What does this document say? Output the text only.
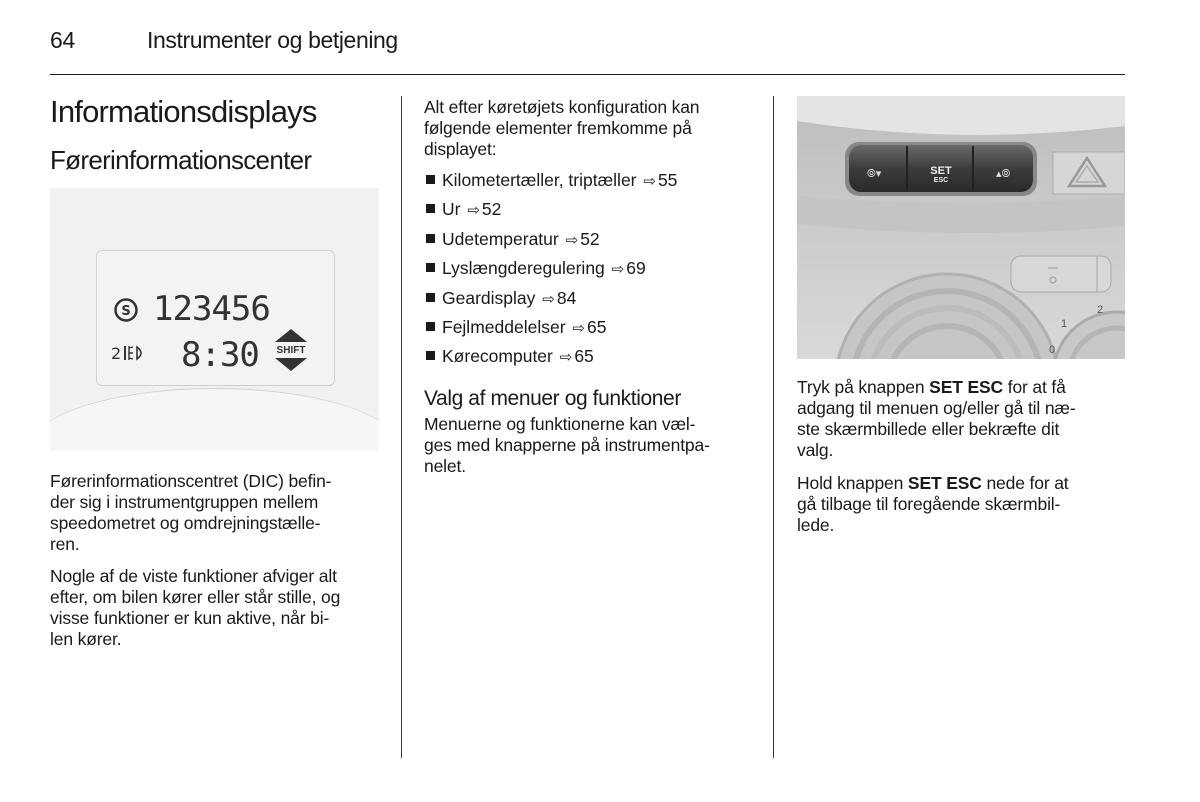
64	Instrumenter og betjening
Informationsdisplays
Førerinformationscenter
S 123456
2 8:30	SHIFT
Førerinformationscentret (DIC) befin-
der sig i instrumentgruppen mellem
speedometret og omdrejningstælle-
ren.
Nogle af de viste funktioner afviger alt
efter, om bilen kører eller står stille, og
visse funktioner er kun aktive, når bi-
len kører.
Alt efter køretøjets konfiguration kan
følgende elementer fremkomme på
displayet:
Kilometertæller, triptæller ⇨ 55
Ur ⇨ 52
Udetemperatur ⇨ 52
Lyslængderegulering ⇨ 69
Geardisplay ⇨ 84
Fejlmeddelelser ⇨ 65
Kørecomputer ⇨ 65
Valg af menuer og funktioner
Menuerne og funktionerne kan væl-
ges med knapperne på instrumentpa-
nelet.
⦾▾	▴⦾
SET
ESC
1
2
0
Tryk på knappen SET ESC for at få
adgang til menuen og/eller gå til næ-
ste skærmbillede eller bekræfte dit
valg.
Hold knappen SET ESC nede for at
gå tilbage til foregående skærmbil-
lede.
